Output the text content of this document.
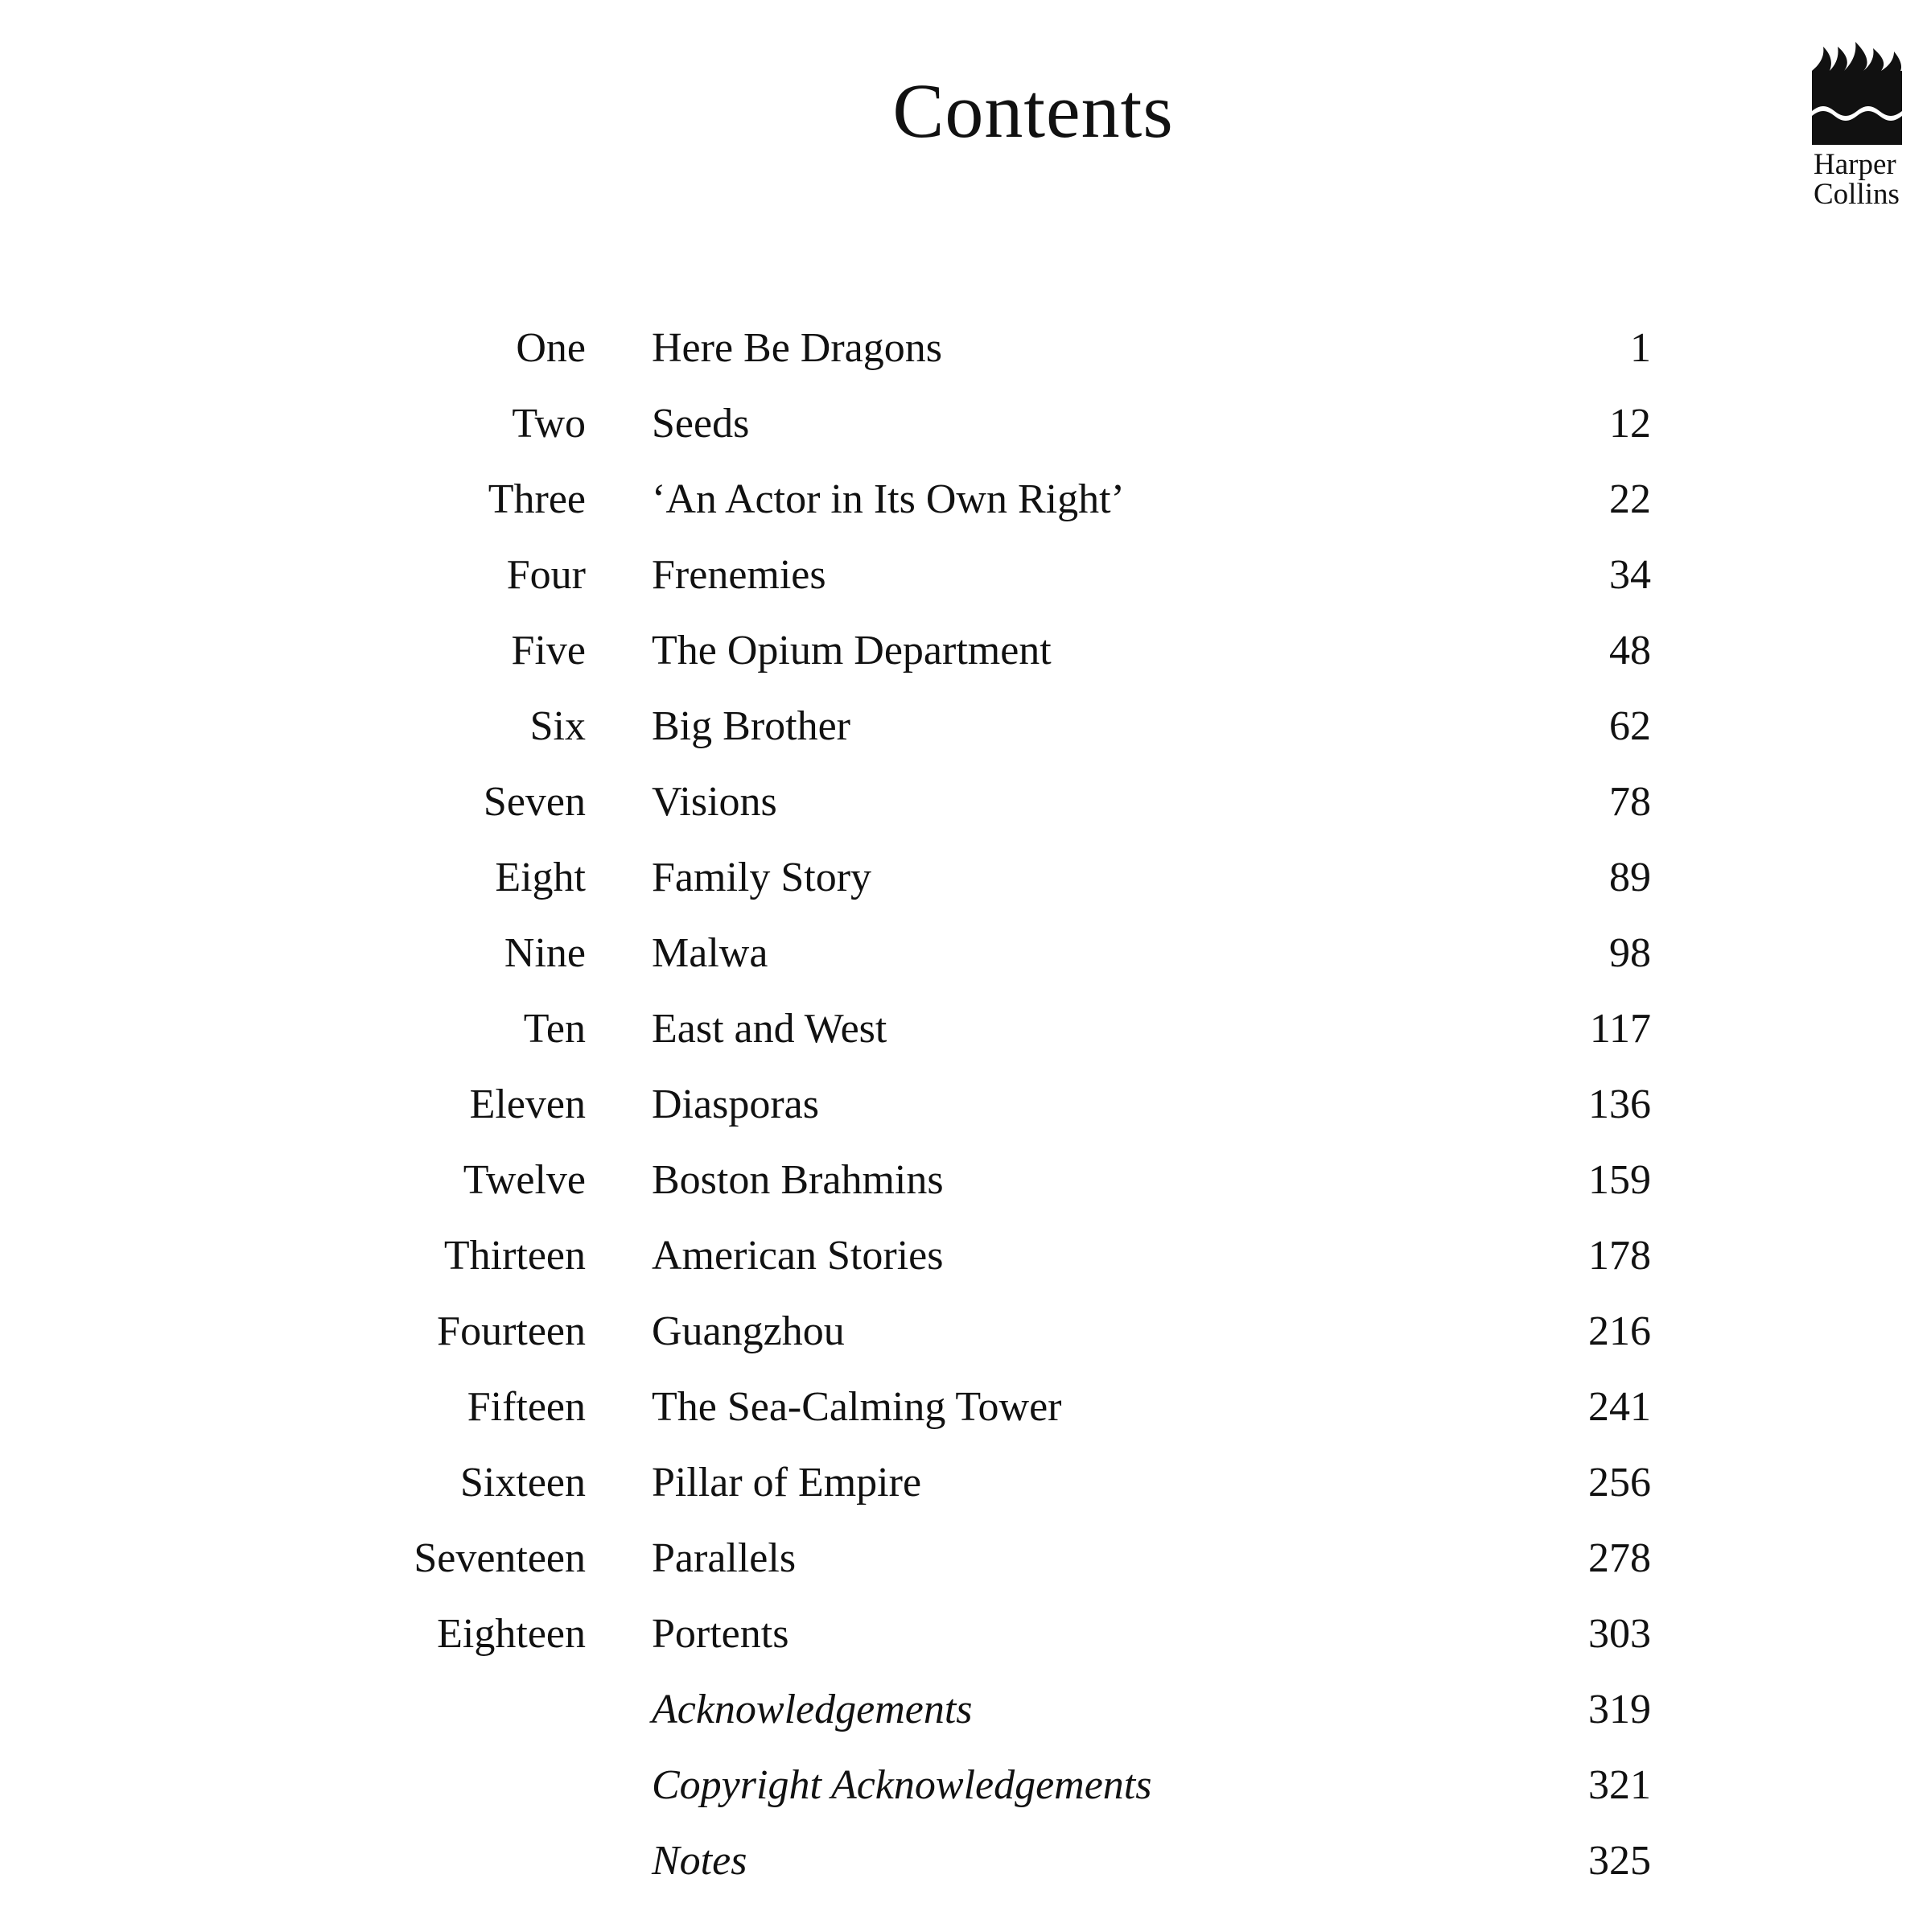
Contents
Harper
Collins
One Here Be Dragons	1
Two Seeds	12
Three ‘An Actor in Its Own Right’	22
Four Frenemies	34
Five The Opium Department	48
Six Big Brother	62
Seven Visions	78
Eight Family Story	89
Nine Malwa	98
Ten East and West	117
Eleven Diasporas	136
Twelve Boston Brahmins	159
Thirteen American Stories	178
Fourteen Guangzhou	216
Fifteen The Sea-Calming Tower	241
Sixteen Pillar of Empire	256
Seventeen Parallels	278
Eighteen Portents	303
Acknowledgements	319
Copyright Acknowledgements	321
Notes	325
